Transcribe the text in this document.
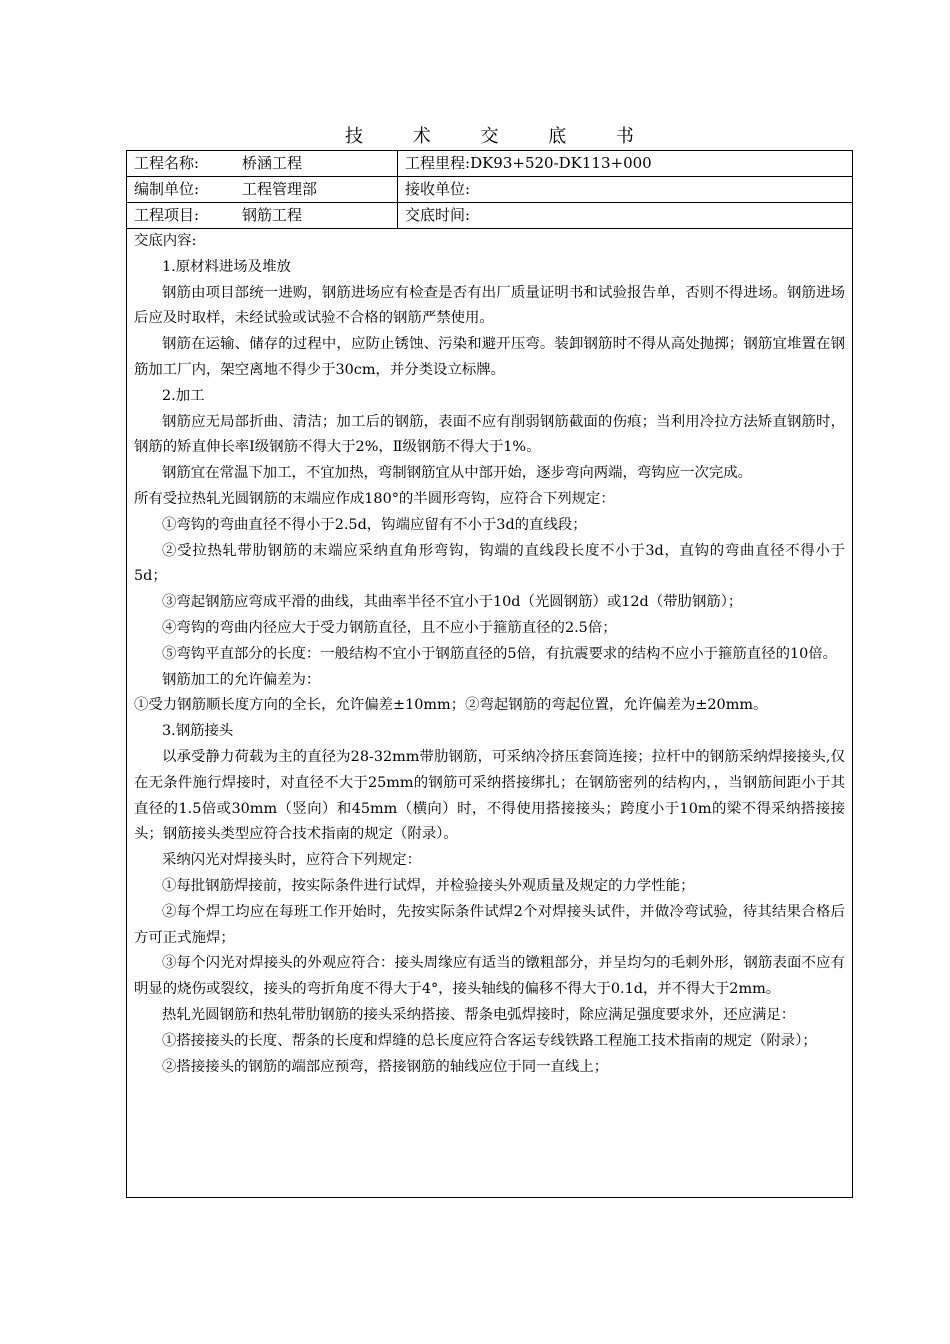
技 术 交 底 书
工程名称:	桥涵工程	工程里程:DK93+520-DK113+000
编制单位:	工程管理部	接收单位:
工程项目:	钢筋工程	交底时间:

交底内容:

1.原材料进场及堆放

钢筋由项目部统一进购，钢筋进场应有检查是否有出厂质量证明书和试验报告单，否则不得进场。钢筋进场后应及时取样，未经试验或试验不合格的钢筋严禁使用。

钢筋在运输、储存的过程中，应防止锈蚀、污染和避开压弯。装卸钢筋时不得从高处抛掷；钢筋宜堆置在钢筋加工厂内，架空离地不得少于30cm，并分类设立标牌。

2.加工

钢筋应无局部折曲、清洁；加工后的钢筋，表面不应有削弱钢筋截面的伤痕；当利用冷拉方法矫直钢筋时，钢筋的矫直伸长率Ⅰ级钢筋不得大于2%，Ⅱ级钢筋不得大于1%。

钢筋宜在常温下加工，不宜加热，弯制钢筋宜从中部开始，逐步弯向两端，弯钩应一次完成。

所有受拉热轧光圆钢筋的末端应作成180°的半圆形弯钩，应符合下列规定：

①弯钩的弯曲直径不得小于2.5d，钩端应留有不小于3d的直线段；

②受拉热轧带肋钢筋的末端应采纳直角形弯钩，钩端的直线段长度不小于3d，直钩的弯曲直径不得小于5d；

③弯起钢筋应弯成平滑的曲线，其曲率半径不宜小于10d（光圆钢筋）或12d（带肋钢筋）；

④弯钩的弯曲内径应大于受力钢筋直径，且不应小于箍筋直径的2.5倍；

⑤弯钩平直部分的长度：一般结构不宜小于钢筋直径的5倍，有抗震要求的结构不应小于箍筋直径的10倍。

钢筋加工的允许偏差为：

①受力钢筋顺长度方向的全长，允许偏差±10mm；②弯起钢筋的弯起位置，允许偏差为±20mm。

3.钢筋接头

以承受静力荷载为主的直径为28-32mm带肋钢筋，可采纳冷挤压套筒连接；拉杆中的钢筋采纳焊接接头,仅在无条件施行焊接时，对直径不大于25mm的钢筋可采纳搭接绑扎；在钢筋密列的结构内，，当钢筋间距小于其直径的1.5倍或30mm（竖向）和45mm（横向）时，不得使用搭接接头；跨度小于10m的梁不得采纳搭接接头；钢筋接头类型应符合技术指南的规定（附录）。

采纳闪光对焊接头时，应符合下列规定：

①每批钢筋焊接前，按实际条件进行试焊，并检验接头外观质量及规定的力学性能；

②每个焊工均应在每班工作开始时，先按实际条件试焊2个对焊接头试件，并做冷弯试验，待其结果合格后方可正式施焊；

③每个闪光对焊接头的外观应符合：接头周缘应有适当的镦粗部分，并呈均匀的毛刺外形，钢筋表面不应有明显的烧伤或裂纹，接头的弯折角度不得大于4°，接头轴线的偏移不得大于0.1d，并不得大于2mm。

热轧光圆钢筋和热轧带肋钢筋的接头采纳搭接、帮条电弧焊接时，除应满足强度要求外，还应满足：

①搭接接头的长度、帮条的长度和焊缝的总长度应符合客运专线铁路工程施工技术指南的规定（附录）；

②搭接接头的钢筋的端部应预弯，搭接钢筋的轴线应位于同一直线上；
